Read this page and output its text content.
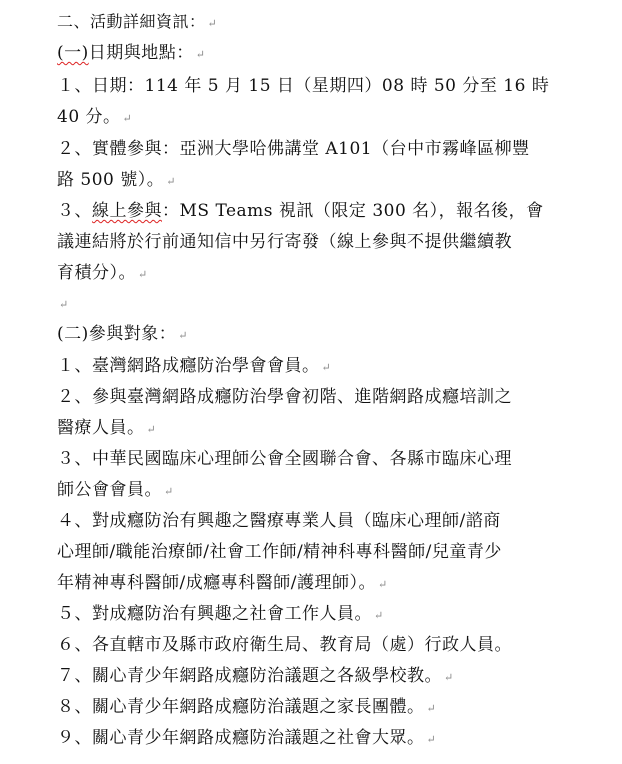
二、活動詳細資訊： ↵
(一)日期與地點： ↵
１、日期：114 年 5 月 15 日（星期四）08 時 50 分至 16 時
40 分。 ↵
２、實體參與：亞洲大學哈佛講堂 A101（台中市霧峰區柳豐
路 500 號）。 ↵
３、線上參與：MS Teams 視訊（限定 300 名），報名後，會
議連結將於行前通知信中另行寄發（線上參與不提供繼續教
育積分）。 ↵
↵
(二)參與對象： ↵
１、臺灣網路成癮防治學會會員。 ↵
２、參與臺灣網路成癮防治學會初階、進階網路成癮培訓之
醫療人員。 ↵
３、中華民國臨床心理師公會全國聯合會、各縣市臨床心理
師公會會員。 ↵
４、對成癮防治有興趣之醫療專業人員（臨床心理師/諮商
心理師/職能治療師/社會工作師/精神科專科醫師/兒童青少
年精神專科醫師/成癮專科醫師/護理師）。 ↵
５、對成癮防治有興趣之社會工作人員。 ↵
６、各直轄市及縣市政府衛生局、教育局（處）行政人員。
７、關心青少年網路成癮防治議題之各級學校教。 ↵
８、關心青少年網路成癮防治議題之家長團體。 ↵
９、關心青少年網路成癮防治議題之社會大眾。 ↵
